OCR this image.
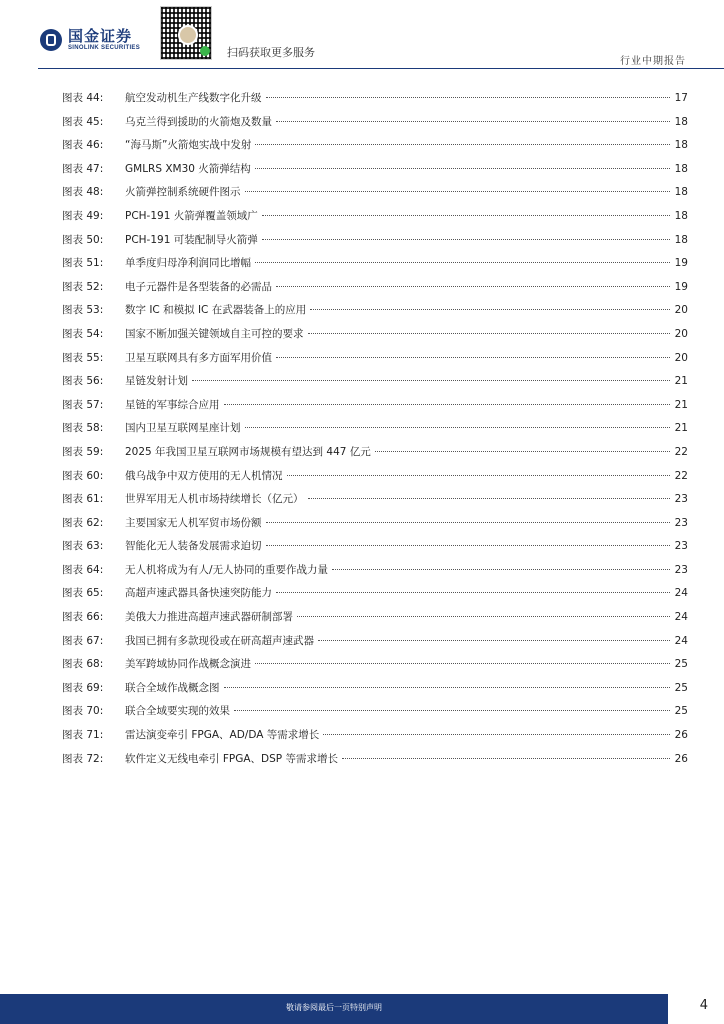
国金证券
SINOLINK SECURITIES	扫码获取更多服务
行业中期报告
图表 44:	航空发动机生产线数字化升级	17
图表 45:	乌克兰得到援助的火箭炮及数量	18
图表 46:	“海马斯”火箭炮实战中发射	18
图表 47:	GMLRS XM30 火箭弹结构	18
图表 48:	火箭弹控制系统硬件图示	18
图表 49:	PCH-191 火箭弹覆盖领域广	18
图表 50:	PCH-191 可装配制导火箭弹	18
图表 51:	单季度归母净利润同比增幅	19
图表 52:	电子元器件是各型装备的必需品	19
图表 53:	数字 IC 和模拟 IC 在武器装备上的应用	20
图表 54:	国家不断加强关键领域自主可控的要求	20
图表 55:	卫星互联网具有多方面军用价值	20
图表 56:	星链发射计划	21
图表 57:	星链的军事综合应用	21
图表 58:	国内卫星互联网星座计划	21
图表 59:	2025 年我国卫星互联网市场规模有望达到 447 亿元	22
图表 60:	俄乌战争中双方使用的无人机情况	22
图表 61:	世界军用无人机市场持续增长（亿元）	23
图表 62:	主要国家无人机军贸市场份额	23
图表 63:	智能化无人装备发展需求迫切	23
图表 64:	无人机将成为有人/无人协同的重要作战力量	23
图表 65:	高超声速武器具备快速突防能力	24
图表 66:	美俄大力推进高超声速武器研制部署	24
图表 67:	我国已拥有多款现役或在研高超声速武器	24
图表 68:	美军跨域协同作战概念演进	25
图表 69:	联合全域作战概念图	25
图表 70:	联合全域要实现的效果	25
图表 71:	雷达演变牵引 FPGA、AD/DA 等需求增长	26
图表 72:	软件定义无线电牵引 FPGA、DSP 等需求增长	26
敬请参阅最后一页特别声明	4
